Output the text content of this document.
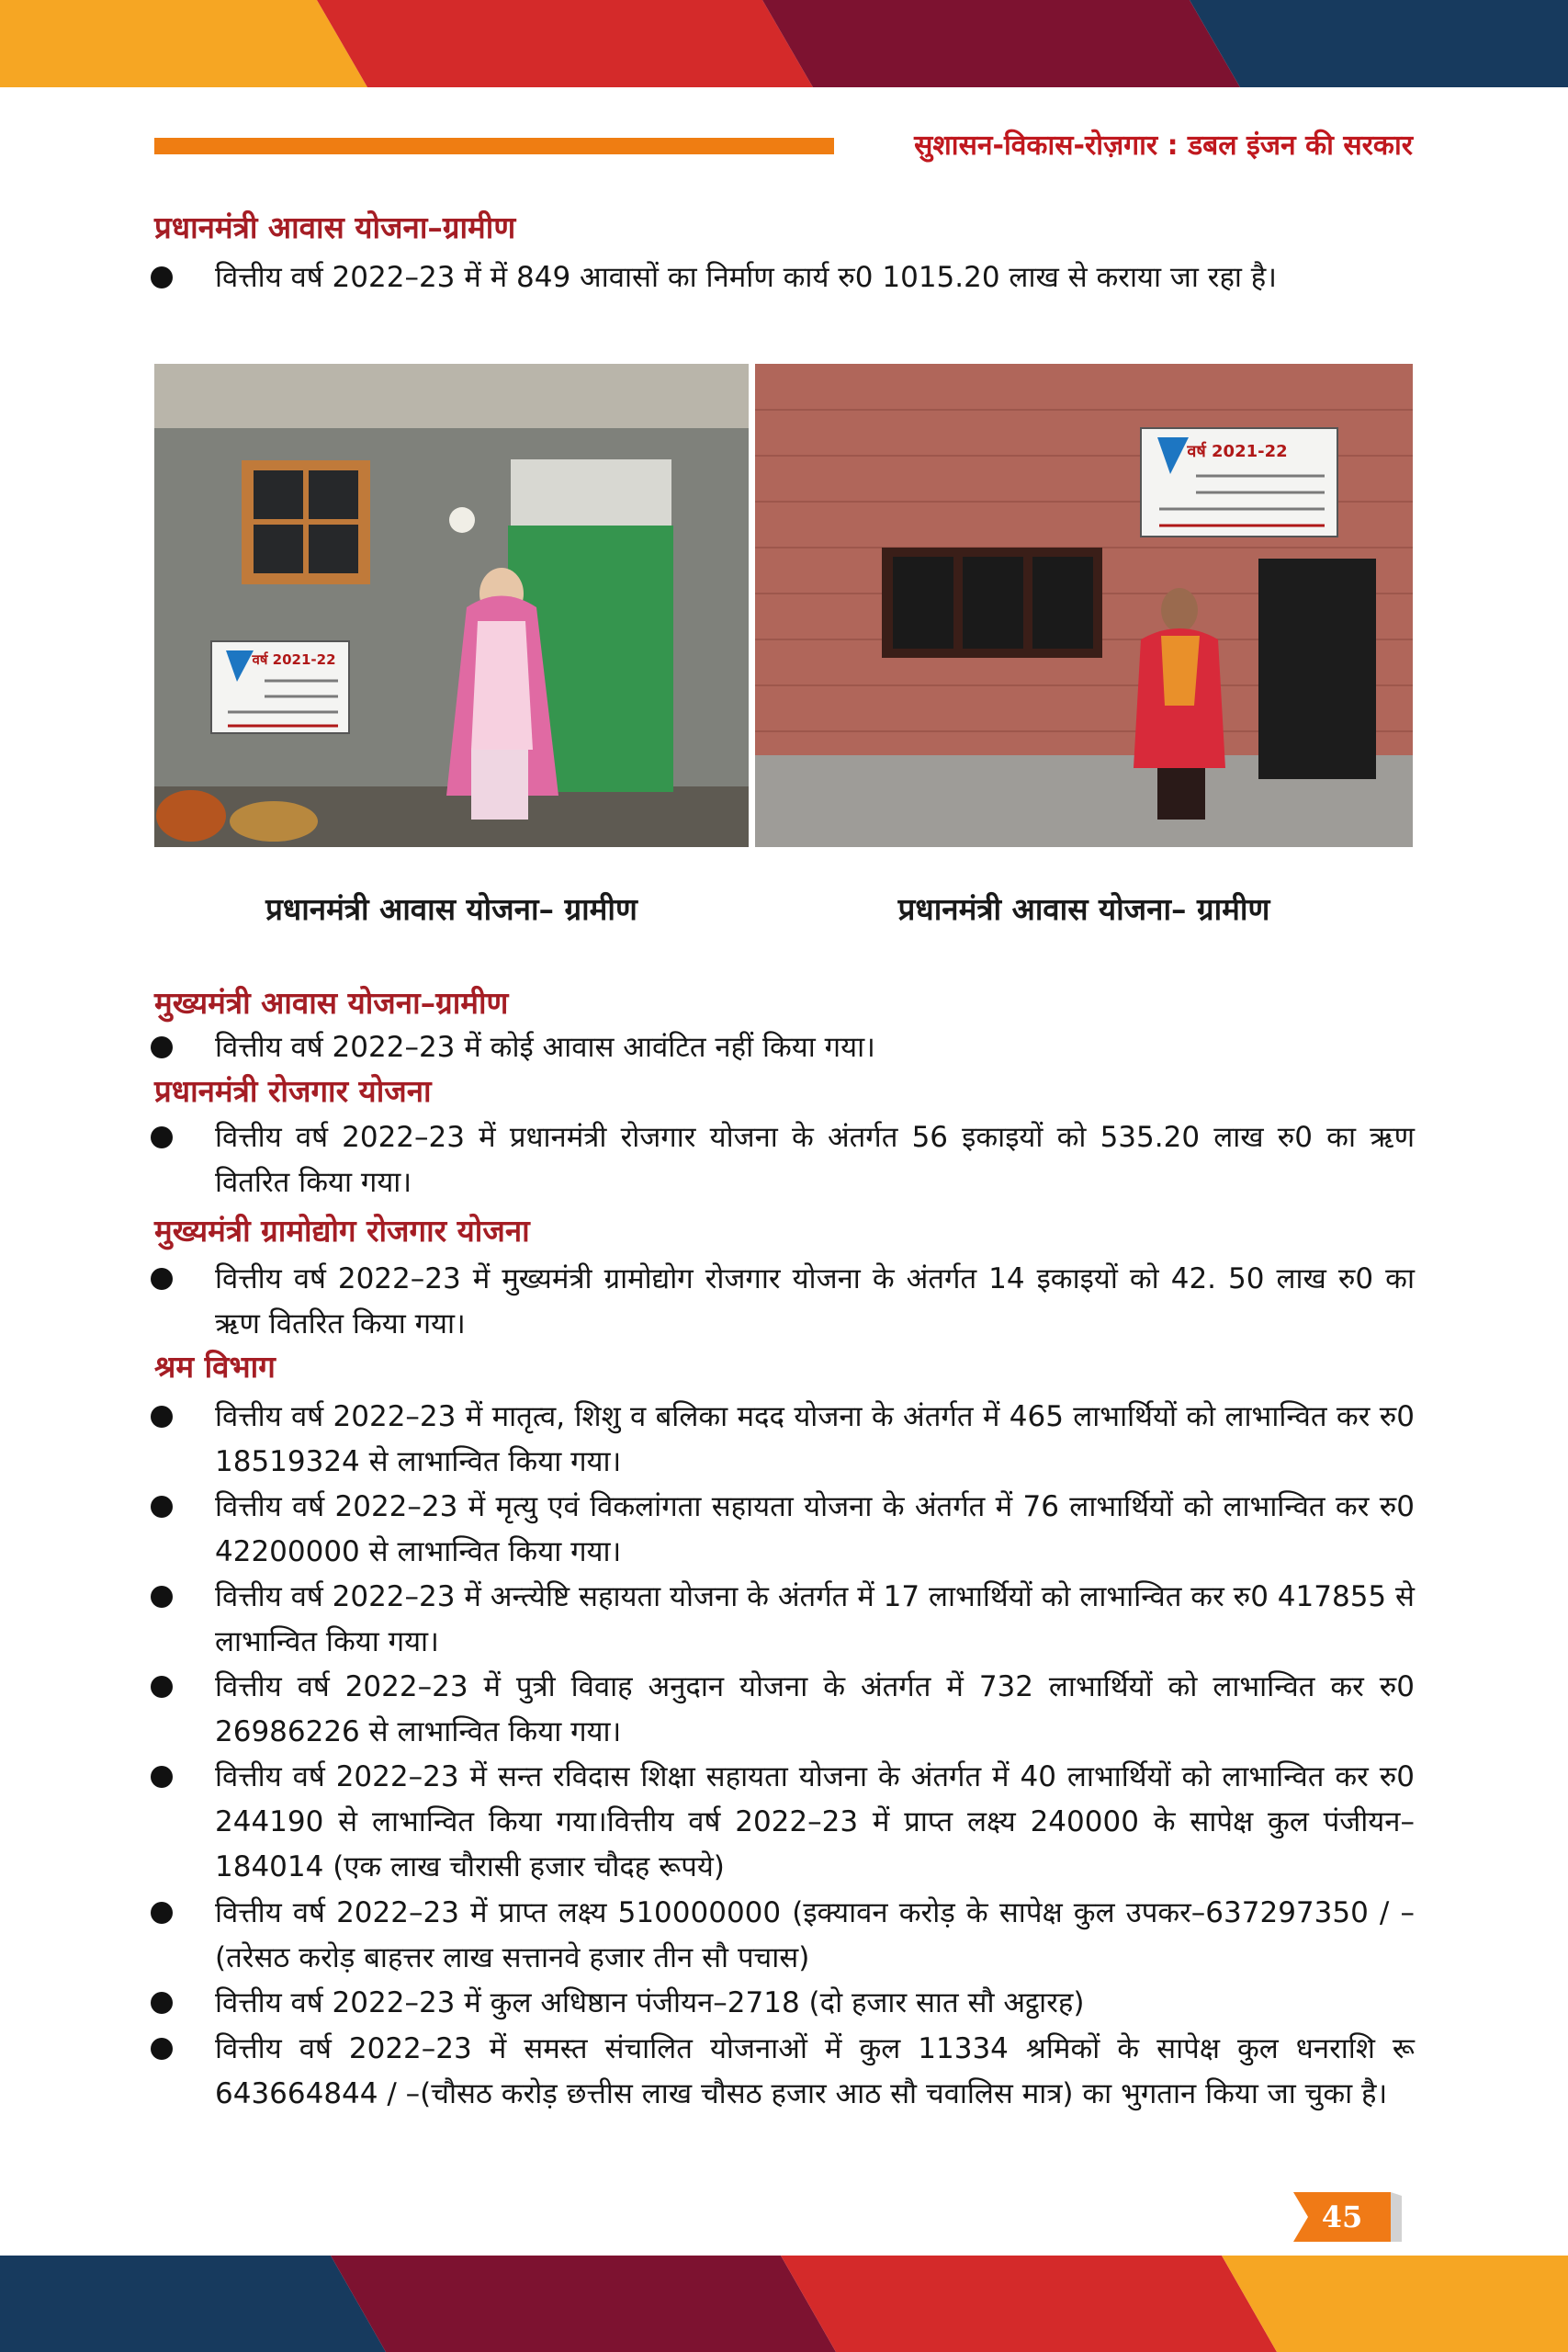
सुशासन-विकास-रोज़गार : डबल इंजन की सरकार
प्रधानमंत्री आवास योजना–ग्रामीण
वित्तीय वर्ष 2022–23 में में 849 आवासों का निर्माण कार्य रु0 1015.20 लाख से कराया जा रहा है।
वर्ष 2021-22
वर्ष 2021-22
प्रधानमंत्री आवास योजना– ग्रामीण	प्रधानमंत्री आवास योजना– ग्रामीण
मुख्यमंत्री आवास योजना–ग्रामीण
वित्तीय वर्ष 2022–23 में कोई आवास आवंटित नहीं किया गया।
प्रधानमंत्री रोजगार योजना
वित्तीय वर्ष 2022–23 में प्रधानमंत्री रोजगार योजना के अंतर्गत 56 इकाइयों को 535.20 लाख रु0 का ऋण वितरित किया गया।
मुख्यमंत्री ग्रामोद्योग रोजगार योजना
वित्तीय वर्ष 2022–23 में मुख्यमंत्री ग्रामोद्योग रोजगार योजना के अंतर्गत 14 इकाइयों को 42. 50 लाख रु0 का ऋण वितरित किया गया।
श्रम विभाग
वित्तीय वर्ष 2022–23 में मातृत्व, शिशु व बलिका मदद योजना के अंतर्गत में 465 लाभार्थियों को लाभान्वित कर रु0 18519324 से लाभान्वित किया गया।
वित्तीय वर्ष 2022–23 में मृत्यु एवं विकलांगता सहायता योजना के अंतर्गत में 76 लाभार्थियों को लाभान्वित कर रु0 42200000 से लाभान्वित किया गया।
वित्तीय वर्ष 2022–23 में अन्त्येष्टि सहायता योजना के अंतर्गत में 17 लाभार्थियों को लाभान्वित कर रु0 417855 से लाभान्वित किया गया।
वित्तीय वर्ष 2022–23 में पुत्री विवाह अनुदान योजना के अंतर्गत में 732 लाभार्थियों को लाभान्वित कर रु0 26986226 से लाभान्वित किया गया।
वित्तीय वर्ष 2022–23 में सन्त रविदास शिक्षा सहायता योजना के अंतर्गत में 40 लाभार्थियों को लाभान्वित कर रु0 244190 से लाभान्वित किया गया।वित्तीय वर्ष 2022–23 में प्राप्त लक्ष्य 240000 के सापेक्ष कुल पंजीयन– 184014 (एक लाख चौरासी हजार चौदह रूपये)
वित्तीय वर्ष 2022–23 में प्राप्त लक्ष्य 510000000 (इक्यावन करोड़ के सापेक्ष कुल उपकर–637297350 / – (तरेसठ करोड़ बाहत्तर लाख सत्तानवे हजार तीन सौ पचास)
वित्तीय वर्ष 2022–23 में कुल अधिष्ठान पंजीयन–2718 (दो हजार सात सौ अट्ठारह)
वित्तीय वर्ष 2022–23 में समस्त संचालित योजनाओं में कुल 11334 श्रमिकों के सापेक्ष कुल धनराशि रू 643664844 / –(चौसठ करोड़ छत्तीस लाख चौसठ हजार आठ सौ चवालिस मात्र) का भुगतान किया जा चुका है।
45
